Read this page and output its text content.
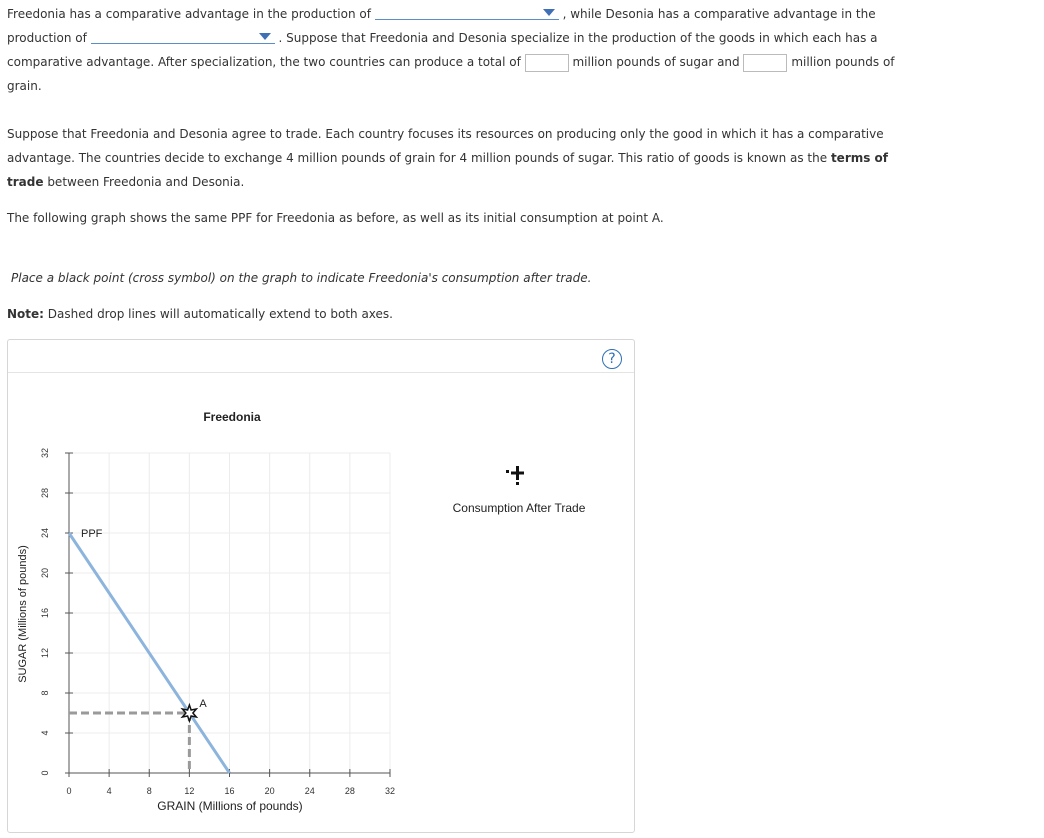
Freedonia has a comparative advantage in the production of	, while Desonia has a comparative advantage in the
production of	. Suppose that Freedonia and Desonia specialize in the production of the goods in which each has a
comparative advantage. After specialization, the two countries can produce a total of	million pounds of sugar and	million pounds of
grain.
Suppose that Freedonia and Desonia agree to trade. Each country focuses its resources on producing only the good in which it has a comparative
advantage. The countries decide to exchange 4 million pounds of grain for 4 million pounds of sugar. This ratio of goods is known as the terms of
trade between Freedonia and Desonia.
The following graph shows the same PPF for Freedonia as before, as well as its initial consumption at point A.
Place a black point (cross symbol) on the graph to indicate Freedonia's consumption after trade.
Note: Dashed drop lines will automatically extend to both axes.
?
0	4	8	12	16	20	24	28	32
0
4
8
12
16
20
24
28
32
PPF
A
Freedonia
GRAIN (Millions of pounds)
SUGAR (Millions of pounds)
Consumption After Trade
